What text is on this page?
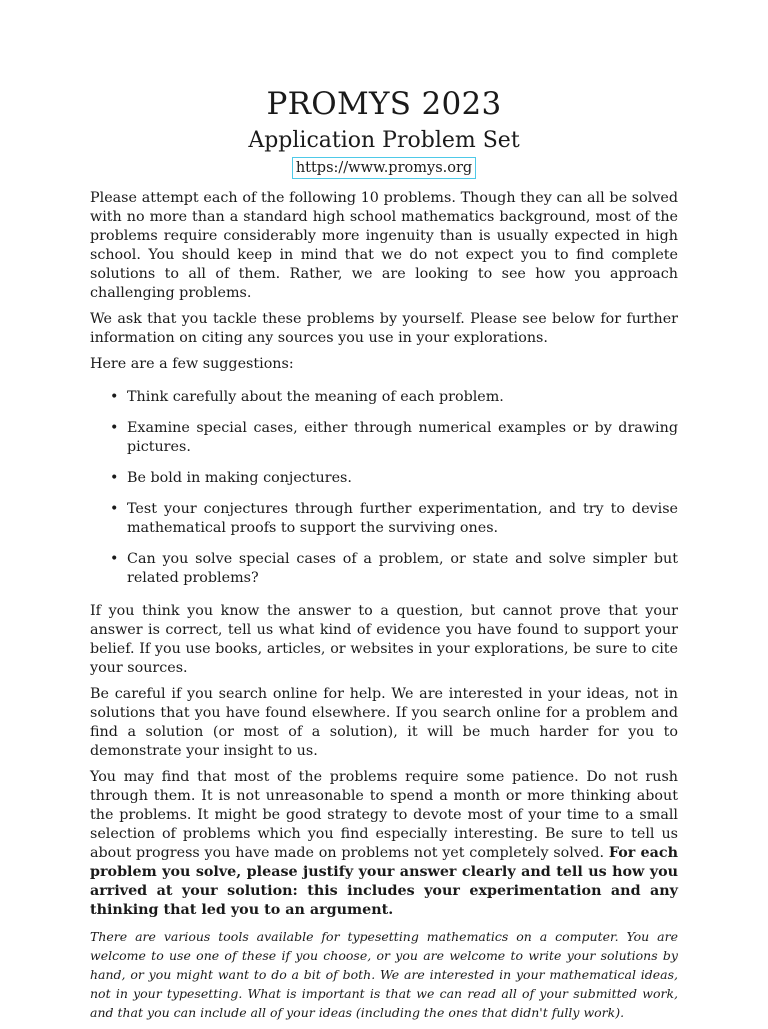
PROMYS 2023
Application Problem Set
https://www.promys.org

Please attempt each of the following 10 problems. Though they can all be solved with no more than a standard high school mathematics background, most of the problems require considerably more ingenuity than is usually expected in high school. You should keep in mind that we do not expect you to find complete solutions to all of them. Rather, we are looking to see how you approach challenging problems.

We ask that you tackle these problems by yourself. Please see below for further information on citing any sources you use in your explorations.

Here are a few suggestions:

• Think carefully about the meaning of each problem.
• Examine special cases, either through numerical examples or by drawing pictures.
• Be bold in making conjectures.
• Test your conjectures through further experimentation, and try to devise mathematical proofs to support the surviving ones.
• Can you solve special cases of a problem, or state and solve simpler but related problems?

If you think you know the answer to a question, but cannot prove that your answer is correct, tell us what kind of evidence you have found to support your belief. If you use books, articles, or websites in your explorations, be sure to cite your sources.

Be careful if you search online for help. We are interested in your ideas, not in solutions that you have found elsewhere. If you search online for a problem and find a solution (or most of a solution), it will be much harder for you to demonstrate your insight to us.

You may find that most of the problems require some patience. Do not rush through them. It is not unreasonable to spend a month or more thinking about the problems. It might be good strategy to devote most of your time to a small selection of problems which you find especially interesting. Be sure to tell us about progress you have made on problems not yet completely solved. For each problem you solve, please justify your answer clearly and tell us how you arrived at your solution: this includes your experimentation and any thinking that led you to an argument.

There are various tools available for typesetting mathematics on a computer. You are welcome to use one of these if you choose, or you are welcome to write your solutions by hand, or you might want to do a bit of both. We are interested in your mathematical ideas, not in your typesetting. What is important is that we can read all of your submitted work, and that you can include all of your ideas (including the ones that didn't fully work).
